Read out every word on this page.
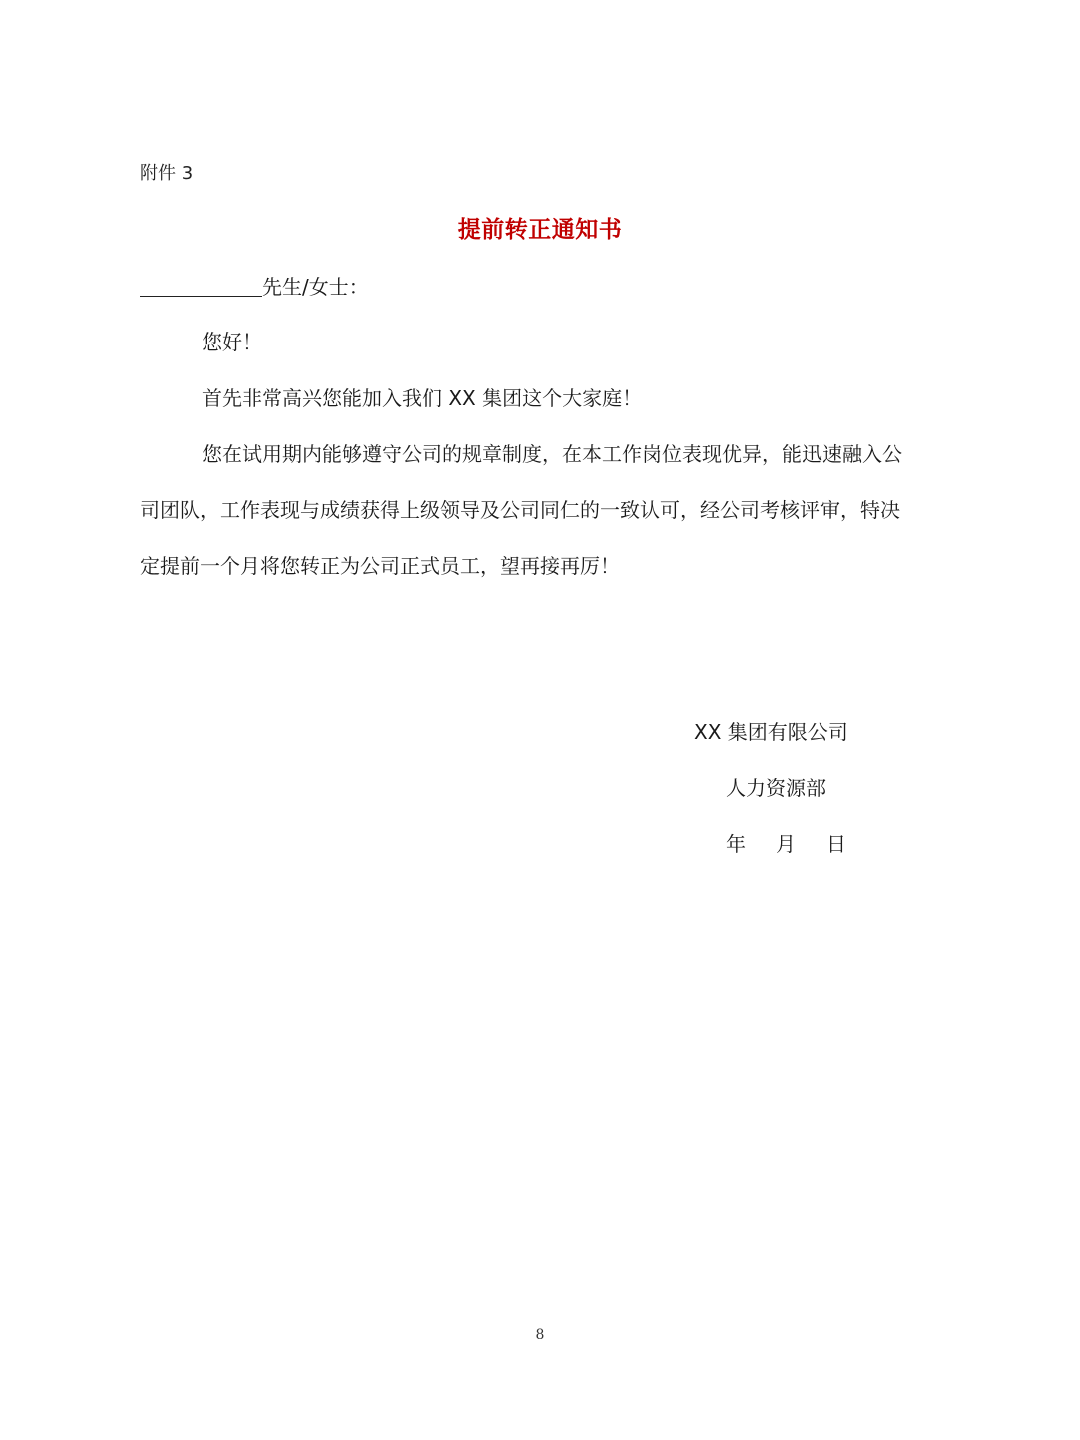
附件 3
提前转正通知书
先生/女士：
您好！
首先非常高兴您能加入我们 XX 集团这个大家庭！
您在试用期内能够遵守公司的规章制度，在本工作岗位表现优异，能迅速融入公
司团队，工作表现与成绩获得上级领导及公司同仁的一致认可，经公司考核评审，特决
定提前一个月将您转正为公司正式员工，望再接再厉！
XX 集团有限公司
人力资源部
年 月 日
8
